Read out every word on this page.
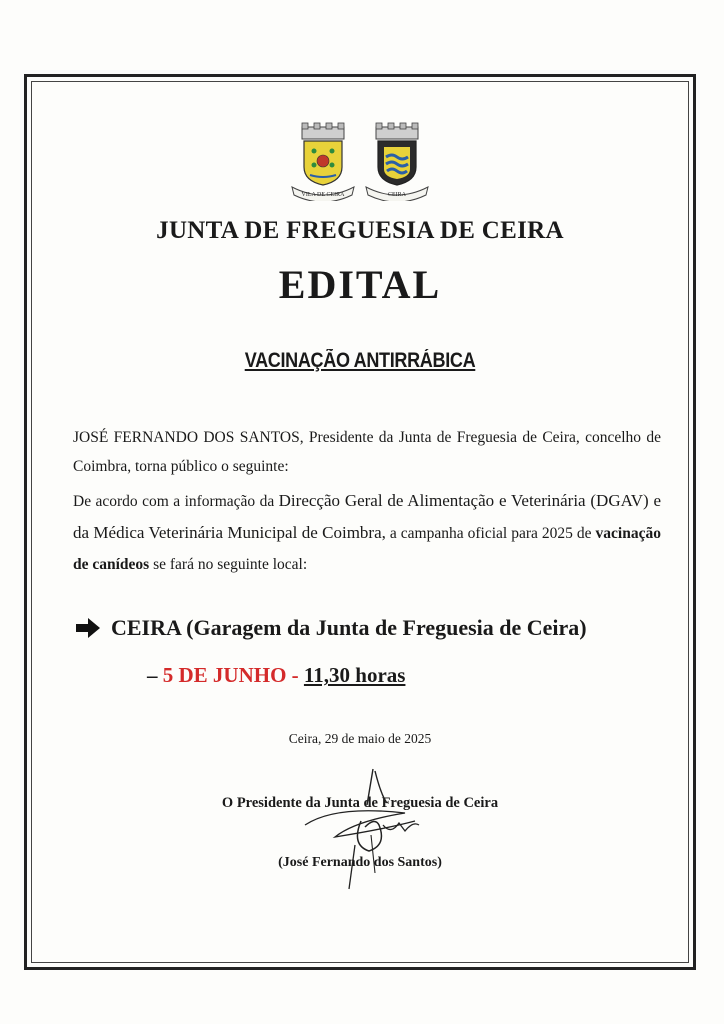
VILA DE CEIRA	CEIRA
JUNTA DE FREGUESIA DE CEIRA
EDITAL
VACINAÇÃO ANTIRRÁBICA
JOSÉ FERNANDO DOS SANTOS, Presidente da Junta de Freguesia de Ceira, concelho de Coimbra, torna público o seguinte:
De acordo com a informação da Direcção Geral de Alimentação e Veterinária (DGAV) e da Médica Veterinária Municipal de Coimbra, a campanha oficial para 2025 de vacinação de canídeos se fará no seguinte local:
CEIRA (Garagem da Junta de Freguesia de Ceira)
– 5 DE JUNHO - 11,30 horas
Ceira, 29 de maio de 2025
O Presidente da Junta de Freguesia de Ceira
(José Fernando dos Santos)
